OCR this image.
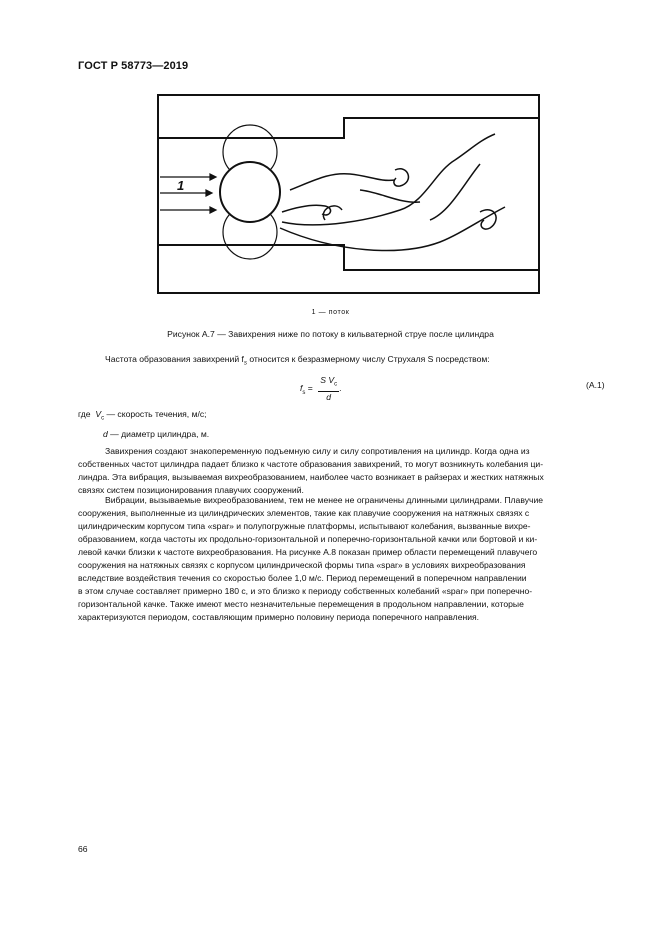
ГОСТ Р 58773—2019
1
1 — поток
Рисунок А.7 — Завихрения ниже по потоку в кильватерной струе после цилиндра
Частота образования завихрений $f_s$ относится к безразмерному числу Струхаля S посредством:
$f_s = \frac{S V_c}{d}$ .	(А.1)
где $V_c$ — скорость течения, м/с;
d — диаметр цилиндра, м.
Завихрения создают знакопеременную подъемную силу и силу сопротивления на цилиндр. Когда одна из
собственных частот цилиндра падает близко к частоте образования завихрений, то могут возникнуть колебания ци-
линдра. Эта вибрация, вызываемая вихреобразованием, наиболее часто возникает в райзерах и жестких натяжных
связях систем позиционирования плавучих сооружений.
Вибрации, вызываемые вихреобразованием, тем не менее не ограничены длинными цилиндрами. Плавучие
сооружения, выполненные из цилиндрических элементов, такие как плавучие сооружения на натяжных связях с
цилиндрическим корпусом типа «spar» и полупогружные платформы, испытывают колебания, вызванные вихре-
образованием, когда частоты их продольно-горизонтальной и поперечно-горизонтальной качки или бортовой и ки-
левой качки близки к частоте вихреобразования. На рисунке А.8 показан пример области перемещений плавучего
сооружения на натяжных связях с корпусом цилиндрической формы типа «spar» в условиях вихреобразования
вследствие воздействия течения со скоростью более 1,0 м/с. Период перемещений в поперечном направлении
в этом случае составляет примерно 180 с, и это близко к периоду собственных колебаний «spar» при поперечно-
горизонтальной качке. Также имеют место незначительные перемещения в продольном направлении, которые
характеризуются периодом, составляющим примерно половину периода поперечного направления.
66
